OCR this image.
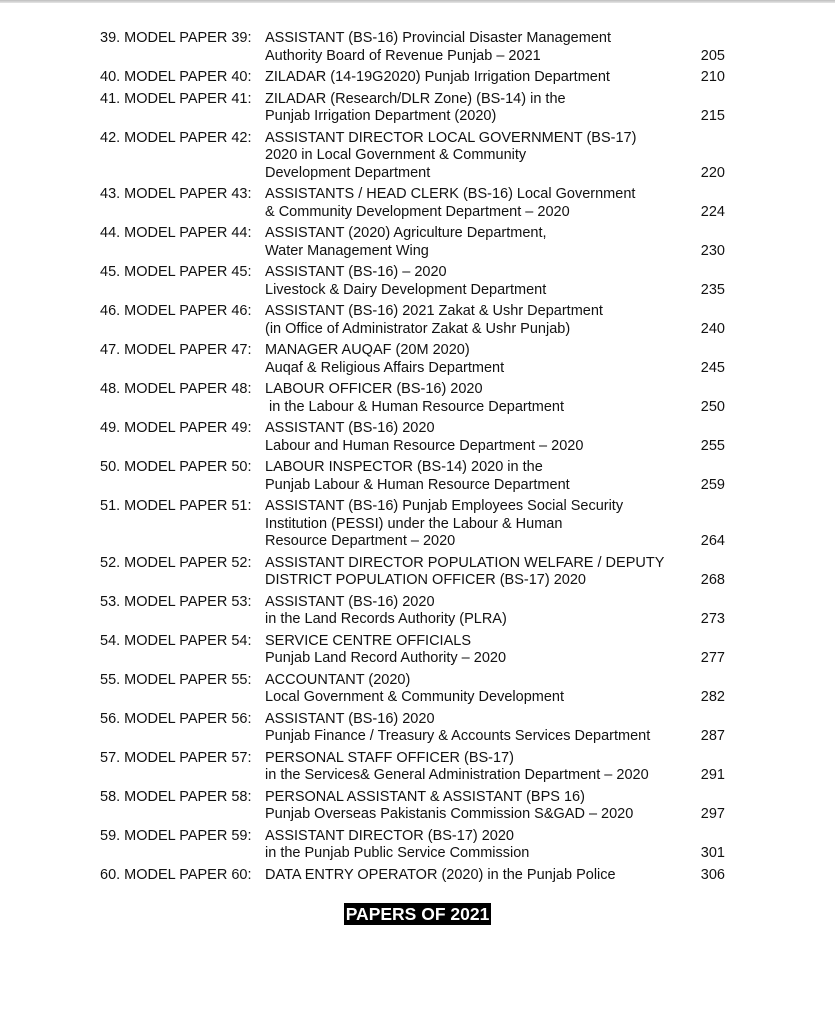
39. MODEL PAPER 39: ASSISTANT (BS-16) Provincial Disaster Management
Authority Board of Revenue Punjab – 2021	205
40. MODEL PAPER 40: ZILADAR (14-19G2020) Punjab Irrigation Department	210
41. MODEL PAPER 41: ZILADAR (Research/DLR Zone) (BS-14) in the
Punjab Irrigation Department (2020)	215
42. MODEL PAPER 42: ASSISTANT DIRECTOR LOCAL GOVERNMENT (BS-17)
2020 in Local Government & Community
Development Department	220
43. MODEL PAPER 43: ASSISTANTS / HEAD CLERK (BS-16) Local Government
& Community Development Department – 2020	224
44. MODEL PAPER 44: ASSISTANT (2020) Agriculture Department,
Water Management Wing	230
45. MODEL PAPER 45: ASSISTANT (BS-16) – 2020
Livestock & Dairy Development Department	235
46. MODEL PAPER 46: ASSISTANT (BS-16) 2021 Zakat & Ushr Department
(in Office of Administrator Zakat & Ushr Punjab)	240
47. MODEL PAPER 47: MANAGER AUQAF (20M 2020)
Auqaf & Religious Affairs Department	245
48. MODEL PAPER 48: LABOUR OFFICER (BS-16) 2020
in the Labour & Human Resource Department	250
49. MODEL PAPER 49: ASSISTANT (BS-16) 2020
Labour and Human Resource Department – 2020	255
50. MODEL PAPER 50: LABOUR INSPECTOR (BS-14) 2020 in the
Punjab Labour & Human Resource Department	259
51. MODEL PAPER 51: ASSISTANT (BS-16) Punjab Employees Social Security
Institution (PESSI) under the Labour & Human
Resource Department – 2020	264
52. MODEL PAPER 52: ASSISTANT DIRECTOR POPULATION WELFARE / DEPUTY
DISTRICT POPULATION OFFICER (BS-17) 2020	268
53. MODEL PAPER 53: ASSISTANT (BS-16) 2020
in the Land Records Authority (PLRA)	273
54. MODEL PAPER 54: SERVICE CENTRE OFFICIALS
Punjab Land Record Authority – 2020	277
55. MODEL PAPER 55: ACCOUNTANT (2020)
Local Government & Community Development	282
56. MODEL PAPER 56: ASSISTANT (BS-16) 2020
Punjab Finance / Treasury & Accounts Services Department	287
57. MODEL PAPER 57: PERSONAL STAFF OFFICER (BS-17)
in the Services& General Administration Department – 2020	291
58. MODEL PAPER 58: PERSONAL ASSISTANT & ASSISTANT (BPS 16)
Punjab Overseas Pakistanis Commission S&GAD – 2020	297
59. MODEL PAPER 59: ASSISTANT DIRECTOR (BS-17) 2020
in the Punjab Public Service Commission	301
60. MODEL PAPER 60: DATA ENTRY OPERATOR (2020) in the Punjab Police	306
PAPERS OF 2021
